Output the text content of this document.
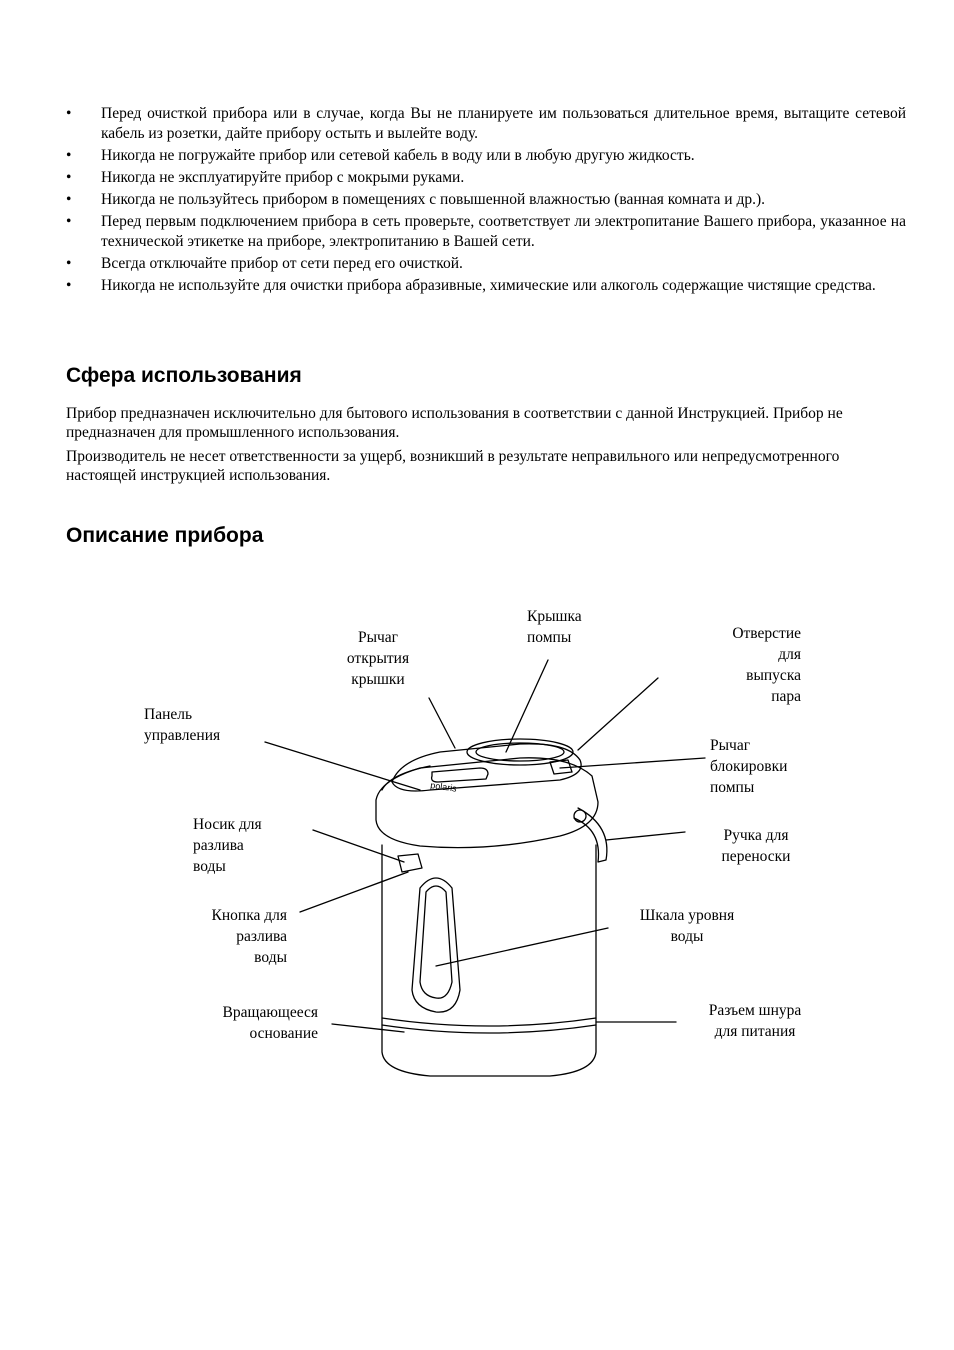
• Перед очисткой прибора или в случае, когда Вы не планируете им пользоваться длительное время, вытащите сетевой кабель из розетки, дайте прибору остыть и вылейте воду.
• Никогда не погружайте прибор или сетевой кабель в воду или в любую другую жидкость.
• Никогда не эксплуатируйте прибор с мокрыми руками.
• Никогда не пользуйтесь прибором в помещениях с повышенной влажностью (ванная комната и др.).
• Перед первым подключением прибора в сеть проверьте, соответствует ли электропитание Вашего прибора, указанное на технической этикетке на приборе, электропитанию в Вашей сети.
• Всегда отключайте прибор от сети перед его очисткой.
• Никогда не используйте для очистки прибора абразивные, химические или алкоголь содержащие чистящие средства.
Сфера использования
Прибор предназначен исключительно для бытового использования в соответствии с данной Инструкцией. Прибор не предназначен для промышленного использования.
Производитель не несет ответственности за ущерб, возникший в результате неправильного или непредусмотренного настоящей инструкцией использования.
Описание прибора
polaris
Рычаг
открытия
крышки
Крышка
помпы	Отверстие
для
выпуска
пара
Панель
управления
Рычаг
блокировки
помпы
Носик для
разлива
воды
Ручка для
переноски
Кнопка для
разлива
воды
Шкала уровня
воды
Вращающееся
основание
Разъем шнура
для питания
